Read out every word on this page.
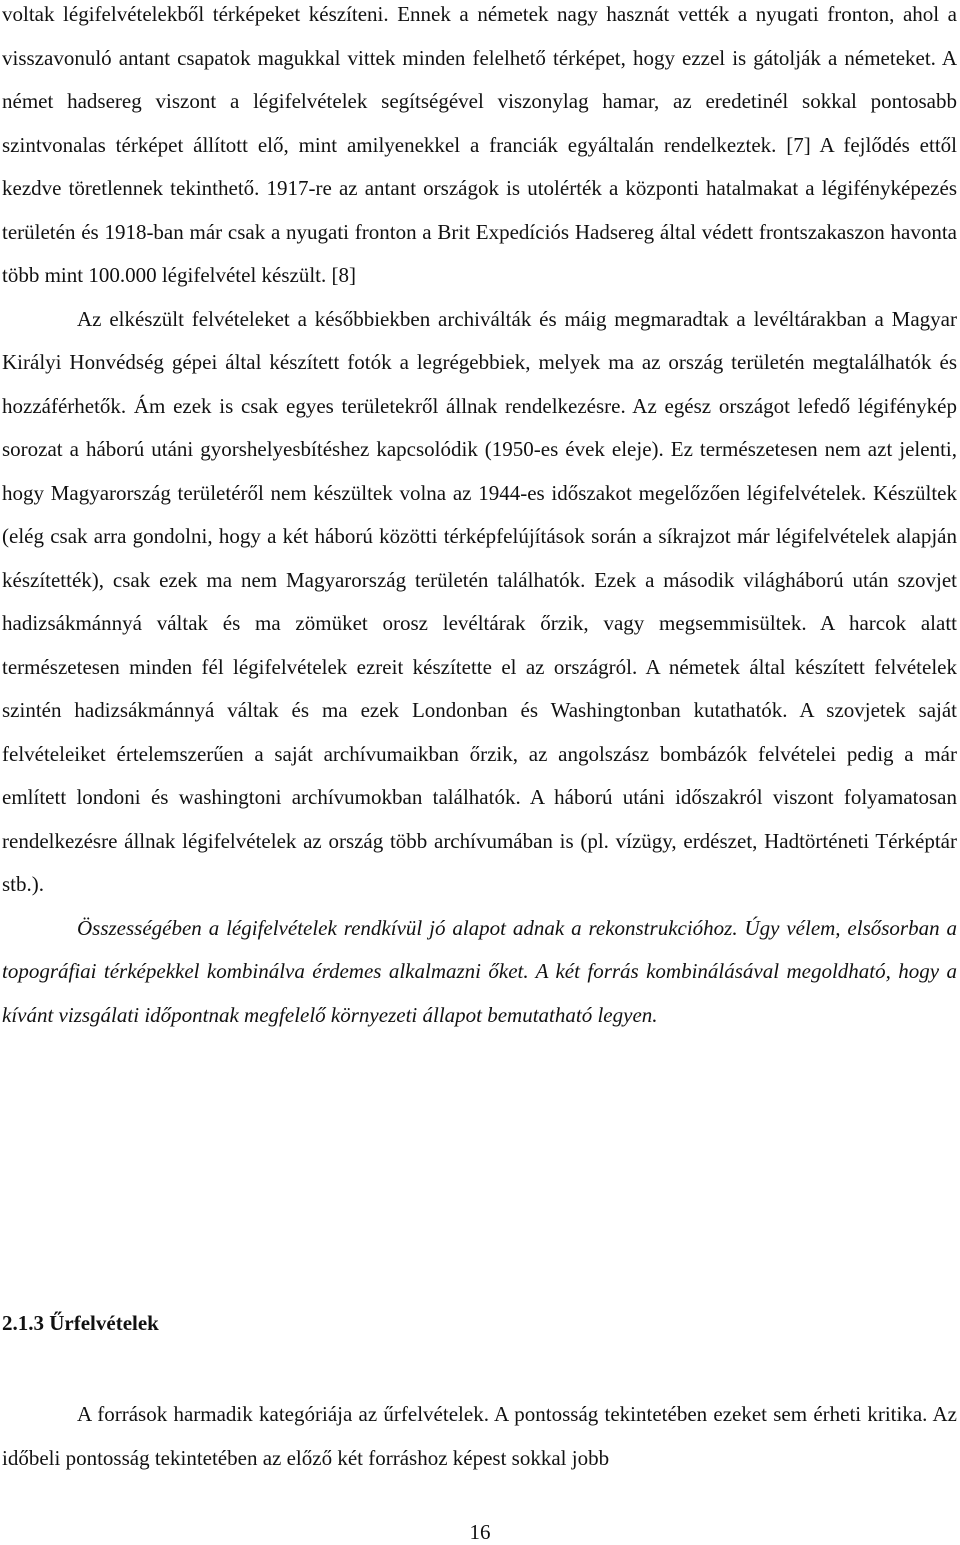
voltak légifelvételekből térképeket készíteni. Ennek a németek nagy hasznát vették a nyugati fronton, ahol a visszavonuló antant csapatok magukkal vittek minden felelhető térképet, hogy ezzel is gátolják a németeket. A német hadsereg viszont a légifelvételek segítségével viszonylag hamar, az eredetinél sokkal pontosabb szintvonalas térképet állított elő, mint amilyenekkel a franciák egyáltalán rendelkeztek. [7] A fejlődés ettől kezdve töretlennek tekinthető. 1917-re az antant országok is utolérték a központi hatalmakat a légifényképezés területén és 1918-ban már csak a nyugati fronton a Brit Expedíciós Hadsereg által védett frontszakaszon havonta több mint 100.000 légifelvétel készült. [8]

Az elkészült felvételeket a későbbiekben archiválták és máig megmaradtak a levéltárakban a Magyar Királyi Honvédség gépei által készített fotók a legrégebbiek, melyek ma az ország területén megtalálhatók és hozzáférhetők. Ám ezek is csak egyes területekről állnak rendelkezésre. Az egész országot lefedő légifénykép sorozat a háború utáni gyorshelyesbítéshez kapcsolódik (1950-es évek eleje). Ez természetesen nem azt jelenti, hogy Magyarország területéről nem készültek volna az 1944-es időszakot megelőzően légifelvételek. Készültek (elég csak arra gondolni, hogy a két háború közötti térképfelújítások során a síkrajzot már légifelvételek alapján készítették), csak ezek ma nem Magyarország területén találhatók. Ezek a második világháború után szovjet hadizsákmánnyá váltak és ma zömüket orosz levéltárak őrzik, vagy megsemmisültek. A harcok alatt természetesen minden fél légifelvételek ezreit készítette el az országról. A németek által készített felvételek szintén hadizsákmánnyá váltak és ma ezek Londonban és Washingtonban kutathatók. A szovjetek saját felvételeiket értelemszerűen a saját archívumaikban őrzik, az angolszász bombázók felvételei pedig a már említett londoni és washingtoni archívumokban találhatók. A háború utáni időszakról viszont folyamatosan rendelkezésre állnak légifelvételek az ország több archívumában is (pl. vízügy, erdészet, Hadtörténeti Térképtár stb.).

Összességében a légifelvételek rendkívül jó alapot adnak a rekonstrukcióhoz. Úgy vélem, elsősorban a topográfiai térképekkel kombinálva érdemes alkalmazni őket. A két forrás kombinálásával megoldható, hogy a kívánt vizsgálati időpontnak megfelelő környezeti állapot bemutatható legyen.

2.1.3 Űrfelvételek

A források harmadik kategóriája az űrfelvételek. A pontosság tekintetében ezeket sem érheti kritika. Az időbeli pontosság tekintetében az előző két forráshoz képest sokkal jobb

16
